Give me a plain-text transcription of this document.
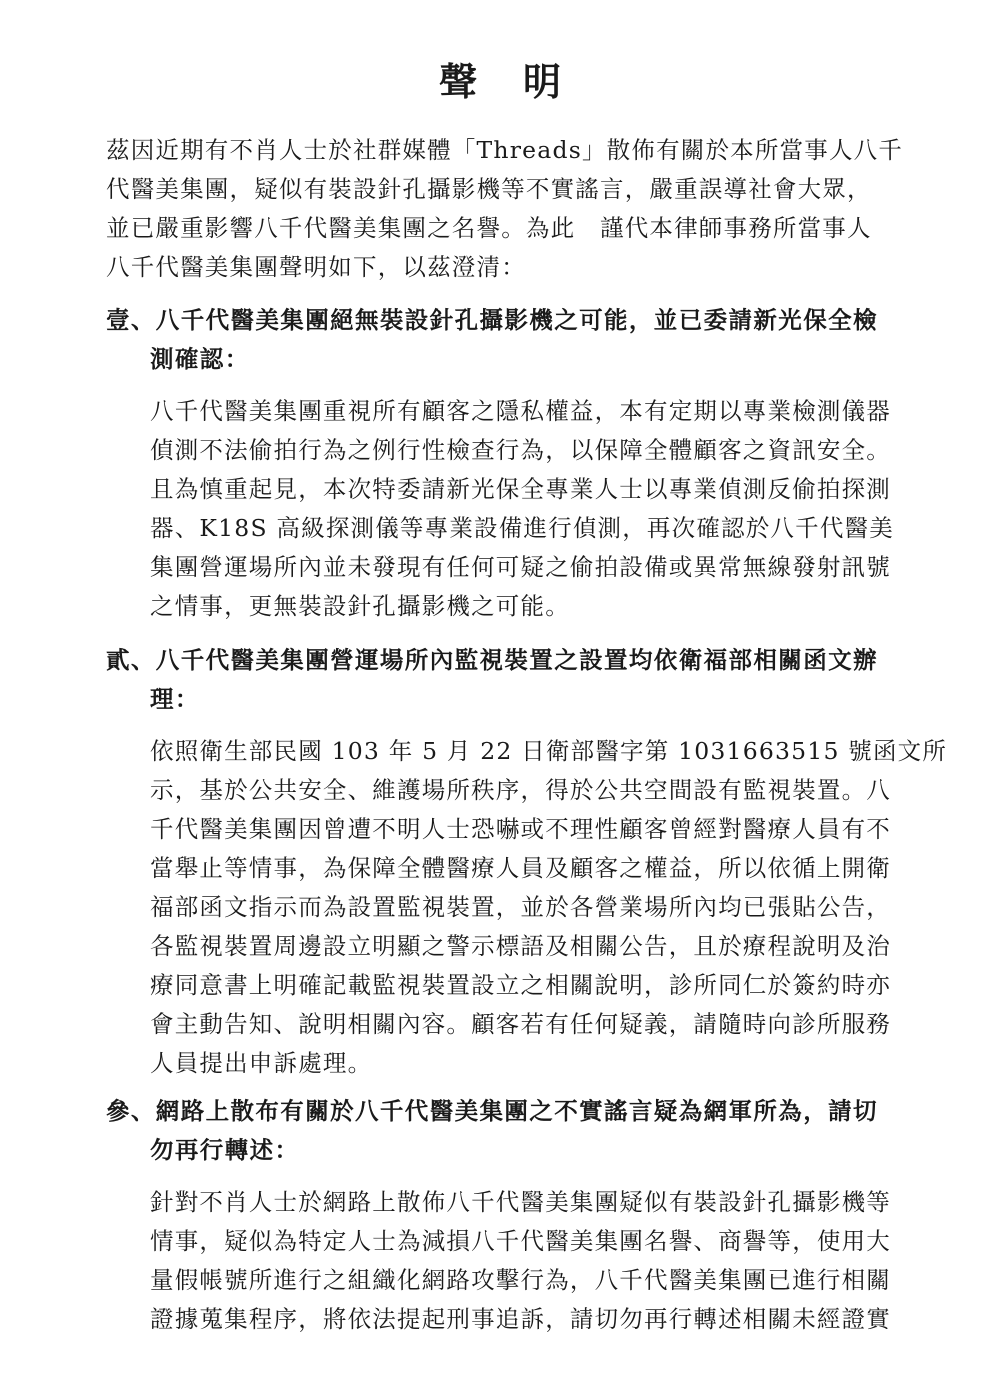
聲明
茲因近期有不肖人士於社群媒體「Threads」散佈有關於本所當事人八千
代醫美集團，疑似有裝設針孔攝影機等不實謠言，嚴重誤導社會大眾，
並已嚴重影響八千代醫美集團之名譽。為此　謹代本律師事務所當事人
八千代醫美集團聲明如下，以茲澄清：
壹、八千代醫美集團絕無裝設針孔攝影機之可能，並已委請新光保全檢
測確認：
八千代醫美集團重視所有顧客之隱私權益，本有定期以專業檢測儀器
偵測不法偷拍行為之例行性檢查行為，以保障全體顧客之資訊安全。
且為慎重起見，本次特委請新光保全專業人士以專業偵測反偷拍探測
器、K18S 高級探測儀等專業設備進行偵測，再次確認於八千代醫美
集團營運場所內並未發現有任何可疑之偷拍設備或異常無線發射訊號
之情事，更無裝設針孔攝影機之可能。
貳、八千代醫美集團營運場所內監視裝置之設置均依衛福部相關函文辦
理：
依照衛生部民國 103 年 5 月 22 日衛部醫字第 1031663515 號函文所
示，基於公共安全、維護場所秩序，得於公共空間設有監視裝置。八
千代醫美集團因曾遭不明人士恐嚇或不理性顧客曾經對醫療人員有不
當舉止等情事，為保障全體醫療人員及顧客之權益，所以依循上開衛
福部函文指示而為設置監視裝置，並於各營業場所內均已張貼公告，
各監視裝置周邊設立明顯之警示標語及相關公告，且於療程說明及治
療同意書上明確記載監視裝置設立之相關說明，診所同仁於簽約時亦
會主動告知、說明相關內容。顧客若有任何疑義，請隨時向診所服務
人員提出申訴處理。
參、網路上散布有關於八千代醫美集團之不實謠言疑為網軍所為，請切
勿再行轉述：
針對不肖人士於網路上散佈八千代醫美集團疑似有裝設針孔攝影機等
情事，疑似為特定人士為減損八千代醫美集團名譽、商譽等，使用大
量假帳號所進行之組織化網路攻擊行為，八千代醫美集團已進行相關
證據蒐集程序，將依法提起刑事追訴，請切勿再行轉述相關未經證實
